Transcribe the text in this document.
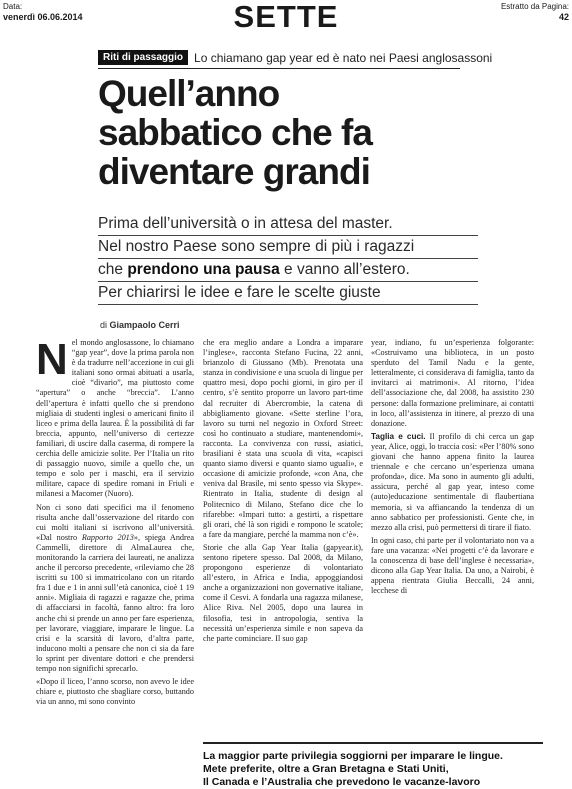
Data:
venerdì 06.06.2014	SETTE	Estratto da Pagina:
42
Riti di passaggio Lo chiamano gap year ed è nato nei Paesi anglosassoni
Quell’anno
sabbatico che fa
diventare grandi
Prima dell’università o in attesa del master.
Nel nostro Paese sono sempre di più i ragazzi
che prendono una pausa e vanno all’estero.
Per chiarirsi le idee e fare le scelte giuste
di Giampaolo Cerri

Nel mondo anglosassone, lo chiamano “gap year”, dove la prima parola non è da tradurre nell’accezione in cui gli italiani sono ormai abituati a usarla, cioè “divario”, ma piuttosto come “apertura” o anche “breccia”. L’anno dell’apertura è infatti quello che si prendono migliaia di studenti inglesi o americani finito il liceo e prima della laurea. È la possibilità di far breccia, appunto, nell’universo di certezze familiari, di uscire dalla caserma, di rompere la cerchia delle amicizie solite. Per l’Italia un rito di passaggio nuovo, simile a quello che, un tempo e solo per i maschi, era il servizio militare, capace di spedire romani in Friuli e milanesi a Macomer (Nuoro).

Non ci sono dati specifici ma il fenomeno risulta anche dall’osservazione del ritardo con cui molti italiani si iscrivono all’università. «Dal nostro Rapporto 2013», spiega Andrea Cammelli, direttore di AlmaLaurea che, monitorando la carriera dei laureati, ne analizza anche il percorso precedente, «rileviamo che 28 iscritti su 100 si immatricolano con un ritardo fra 1 due e 1 in anni sull’età canonica, cioè 1 19 anni». Migliaia di ragazzi e ragazze che, prima di affacciarsi in facoltà, fanno altro: fra loro anche chi si prende un anno per fare esperienza, per lavorare, viaggiare, imparare le lingue. La crisi e la scarsità di lavoro, d’altra parte, inducono molti a pensare che non ci sia da fare lo sprint per diventare dottori e che prendersi tempo non significhi sprecarlo.

«Dopo il liceo, l’anno scorso, non avevo le idee chiare e, piuttosto che sbagliare corso, buttando via un anno, mi sono convinto

che era meglio andare a Londra a imparare l’inglese», racconta Stefano Fucina, 22 anni, brianzolo di Giussano (Mb). Prenotata una stanza in condivisione e una scuola di lingue per quattro mesi, dopo pochi giorni, in giro per il centro, s’è sentito proporre un lavoro part-time dal recruiter di Abercrombie, la catena di abbigliamento giovane. «Sette sterline l’ora, lavoro su turni nel negozio in Oxford Street: così ho continuato a studiare, mantenendomi», racconta. La convivenza con russi, asiatici, brasiliani è stata una scuola di vita, «capisci quanto siamo diversi e quanto siamo uguali», e occasione di amicizie profonde, «con Ana, che veniva dal Brasile, mi sento spesso via Skype». Rientrato in Italia, studente di design al Politecnico di Milano, Stefano dice che lo rifarebbe: «Impari tutto: a gestirti, a rispettare gli orari, ché là son rigidi e rompono le scatole; a fare da mangiare, perché la mamma non c’è».

Storie che alla Gap Year Italia (gapyear.it), sentono ripetere spesso. Dal 2008, da Milano, propongono esperienze di volontariato all’estero, in Africa e India, appoggiandosi anche a organizzazioni non governative italiane, come il Cesvi. A fondarla una ragazza milanese, Alice Riva. Nel 2005, dopo una laurea in filosofia, tesi in antropologia, sentiva la necessità un’esperienza simile e non sapeva da che parte cominciare. Il suo gap

year, indiano, fu un’esperienza folgorante: «Costruivamo una biblioteca, in un posto sperduto del Tamil Nadu e la gente, letteralmente, ci considerava di famiglia, tanto da invitarci ai matrimoni». Al ritorno, l’idea dell’associazione che, dal 2008, ha assistito 230 persone: dalla formazione preliminare, ai contatti in loco, all’assistenza in itinere, al prezzo di una donazione.

Taglia e cuci. Il profilo di chi cerca un gap year, Alice, oggi, lo traccia così: «Per l’80% sono giovani che hanno appena finito la laurea triennale e che cercano un’esperienza umana profonda», dice. Ma sono in aumento gli adulti, assicura, perché al gap year, inteso come (auto)educazione sentimentale di flaubertiana memoria, si va affiancando la tendenza di un anno sabbatico per professionisti. Gente che, in mezzo alla crisi, può permettersi di tirare il fiato.

In ogni caso, chi parte per il volontariato non va a fare una vacanza: «Nei progetti c’è da lavorare e la conoscenza di base dell’inglese è necessaria», dicono alla Gap Year Italia. Da uno, a Nairobi, è appena rientrata Giulia Beccalli, 24 anni, lecchese di

La maggior parte privilegia soggiorni per imparare le lingue.
Mete preferite, oltre a Gran Bretagna e Stati Uniti,
Il Canada e l’Australia che prevedono le vacanze-lavoro
